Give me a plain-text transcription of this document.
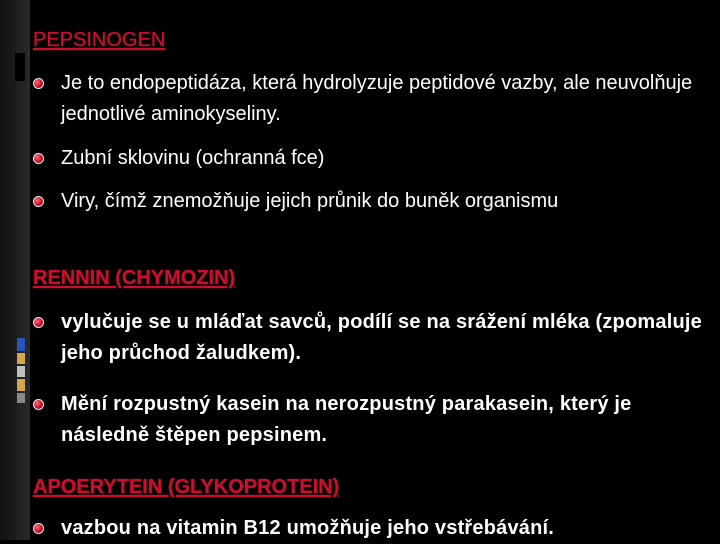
PEPSINOGEN
Je to endopeptidáza, která hydrolyzuje peptidové vazby, ale neuvolňuje jednotlivé aminokyseliny.
Zubní sklovinu (ochranná fce)
Viry, čímž znemožňuje jejich průnik do buněk organismu
RENNIN (CHYMOZIN)
vylučuje se u mláďat savců, podílí se na srážení mléka (zpomaluje jeho průchod žaludkem).
Mění rozpustný kasein na nerozpustný parakasein, který je následně štěpen pepsinem.
APOERYTEIN (GLYKOPROTEIN)
vazbou na vitamin B12 umožňuje jeho vstřebávání.
